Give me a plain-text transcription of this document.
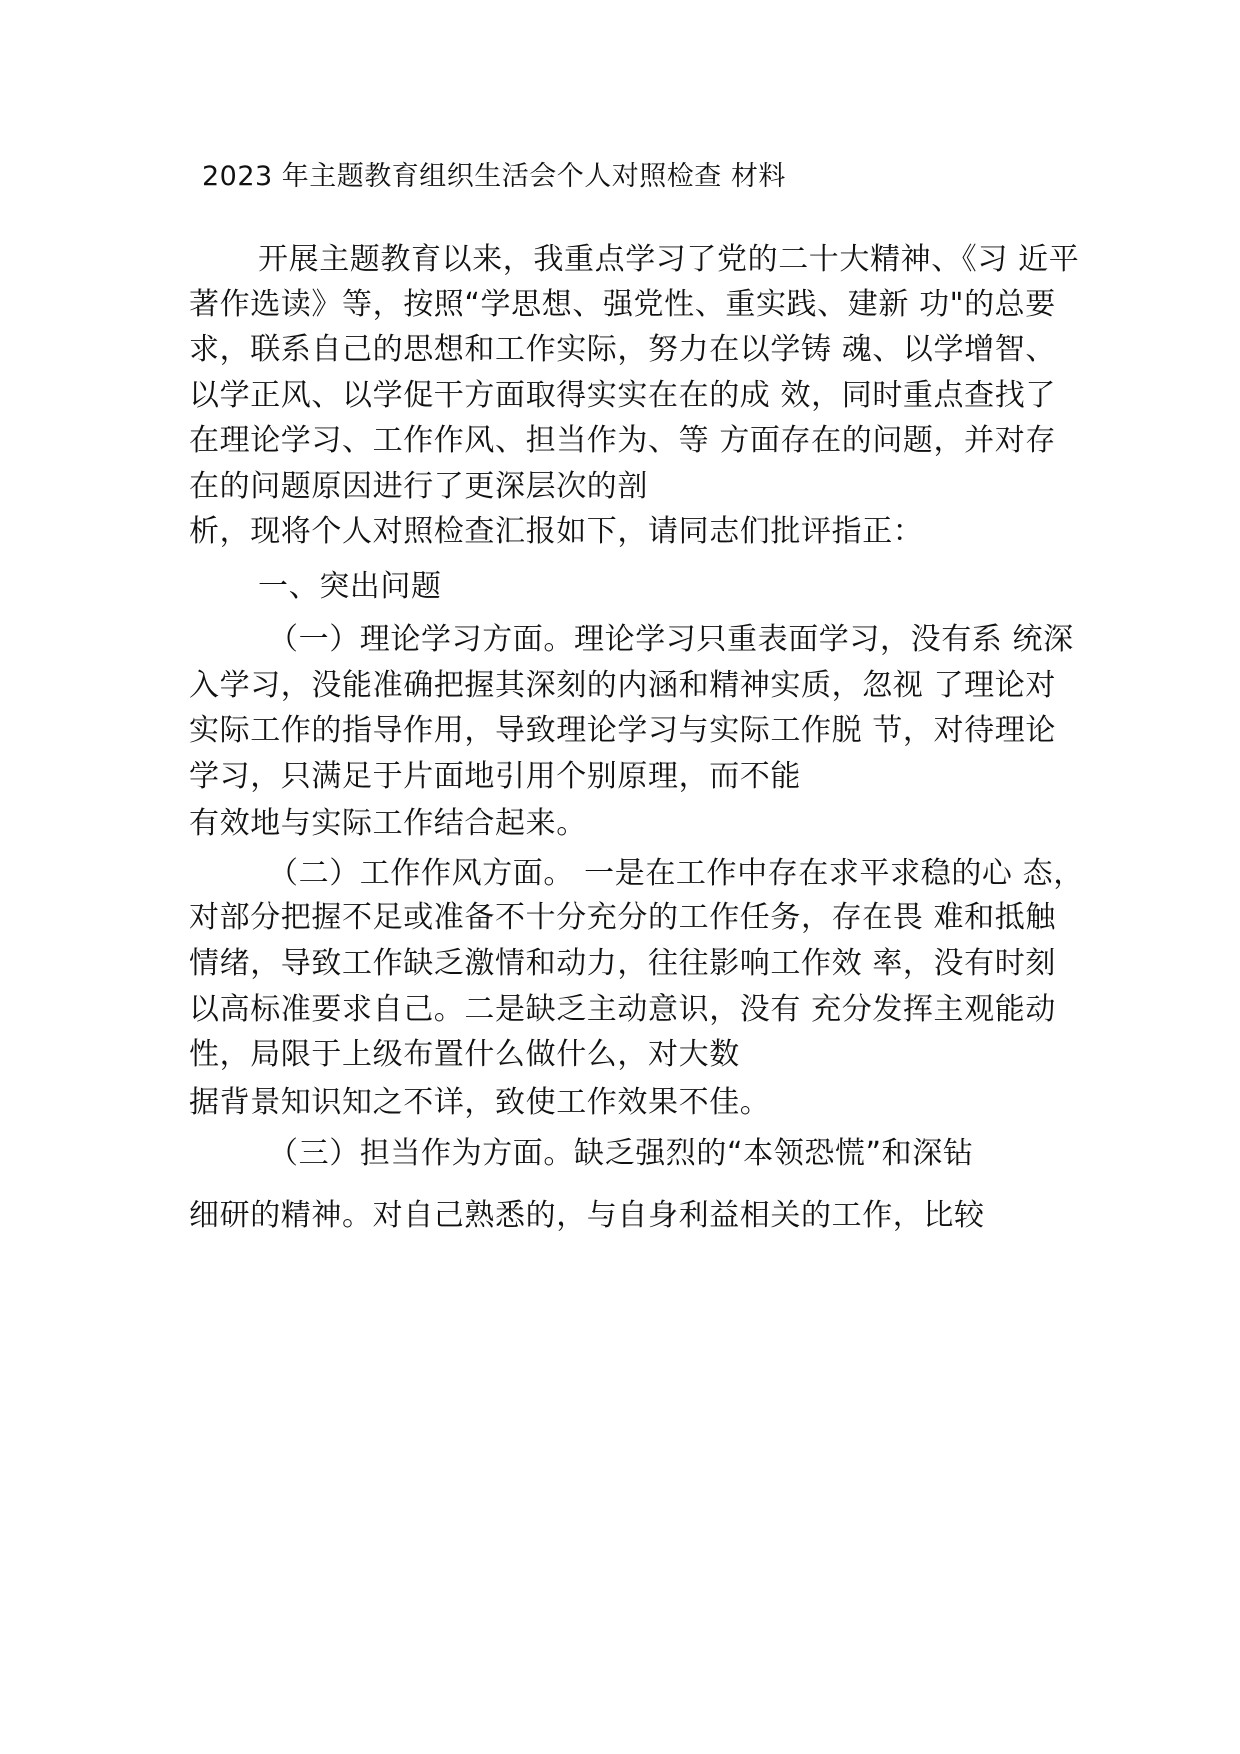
2023 年主题教育组织生活会个人对照检查 材料
开展主题教育以来，我重点学习了党的二十大精神、《习 近平
著作选读》等，按照“学思想、强党性、重实践、建新 功"的总要
求，联系自己的思想和工作实际，努力在以学铸 魂、以学增智、
以学正风、以学促干方面取得实实在在的成 效，同时重点查找了
在理论学习、工作作风、担当作为、等 方面存在的问题，并对存
在的问题原因进行了更深层次的剖
析，现将个人对照检查汇报如下，请同志们批评指正：
一、突出问题
（一）理论学习方面。理论学习只重表面学习，没有系 统深
入学习，没能准确把握其深刻的内涵和精神实质，忽视 了理论对
实际工作的指导作用，导致理论学习与实际工作脱 节，对待理论
学习，只满足于片面地引用个别原理，而不能
有效地与实际工作结合起来。
（二）工作作风方面。 一是在工作中存在求平求稳的心 态，
对部分把握不足或准备不十分充分的工作任务，存在畏 难和抵触
情绪，导致工作缺乏激情和动力，往往影响工作效 率，没有时刻
以高标准要求自己。二是缺乏主动意识，没有 充分发挥主观能动
性，局限于上级布置什么做什么，对大数
据背景知识知之不详，致使工作效果不佳。
（三）担当作为方面。缺乏强烈的“本领恐慌”和深钻
细研的精神。对自己熟悉的，与自身利益相关的工作，比较
